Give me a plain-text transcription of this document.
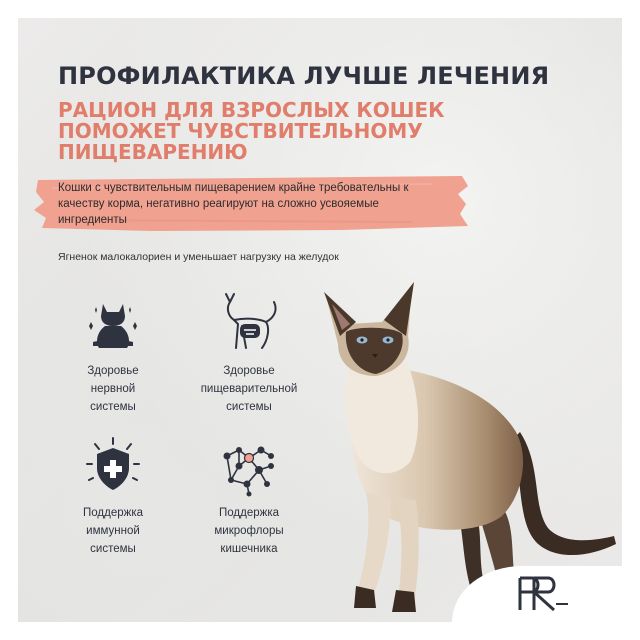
ПРОФИЛАКТИКА ЛУЧШЕ ЛЕЧЕНИЯ
РАЦИОН ДЛЯ ВЗРОСЛЫХ КОШЕК
ПОМОЖЕТ ЧУВСТВИТЕЛЬНОМУ
ПИЩЕВАРЕНИЮ
Кошки с чувствительным пищеварением крайне требовательны к качеству корма, негативно реагируют на сложно усвояемые ингредиенты
Ягненок малокалориен и уменьшает нагрузку на желудок
Здоровье
нервной
системы
Здоровье
пищеварительной
системы
Поддержка
иммунной
системы
Поддержка
микрофлоры
кишечника
